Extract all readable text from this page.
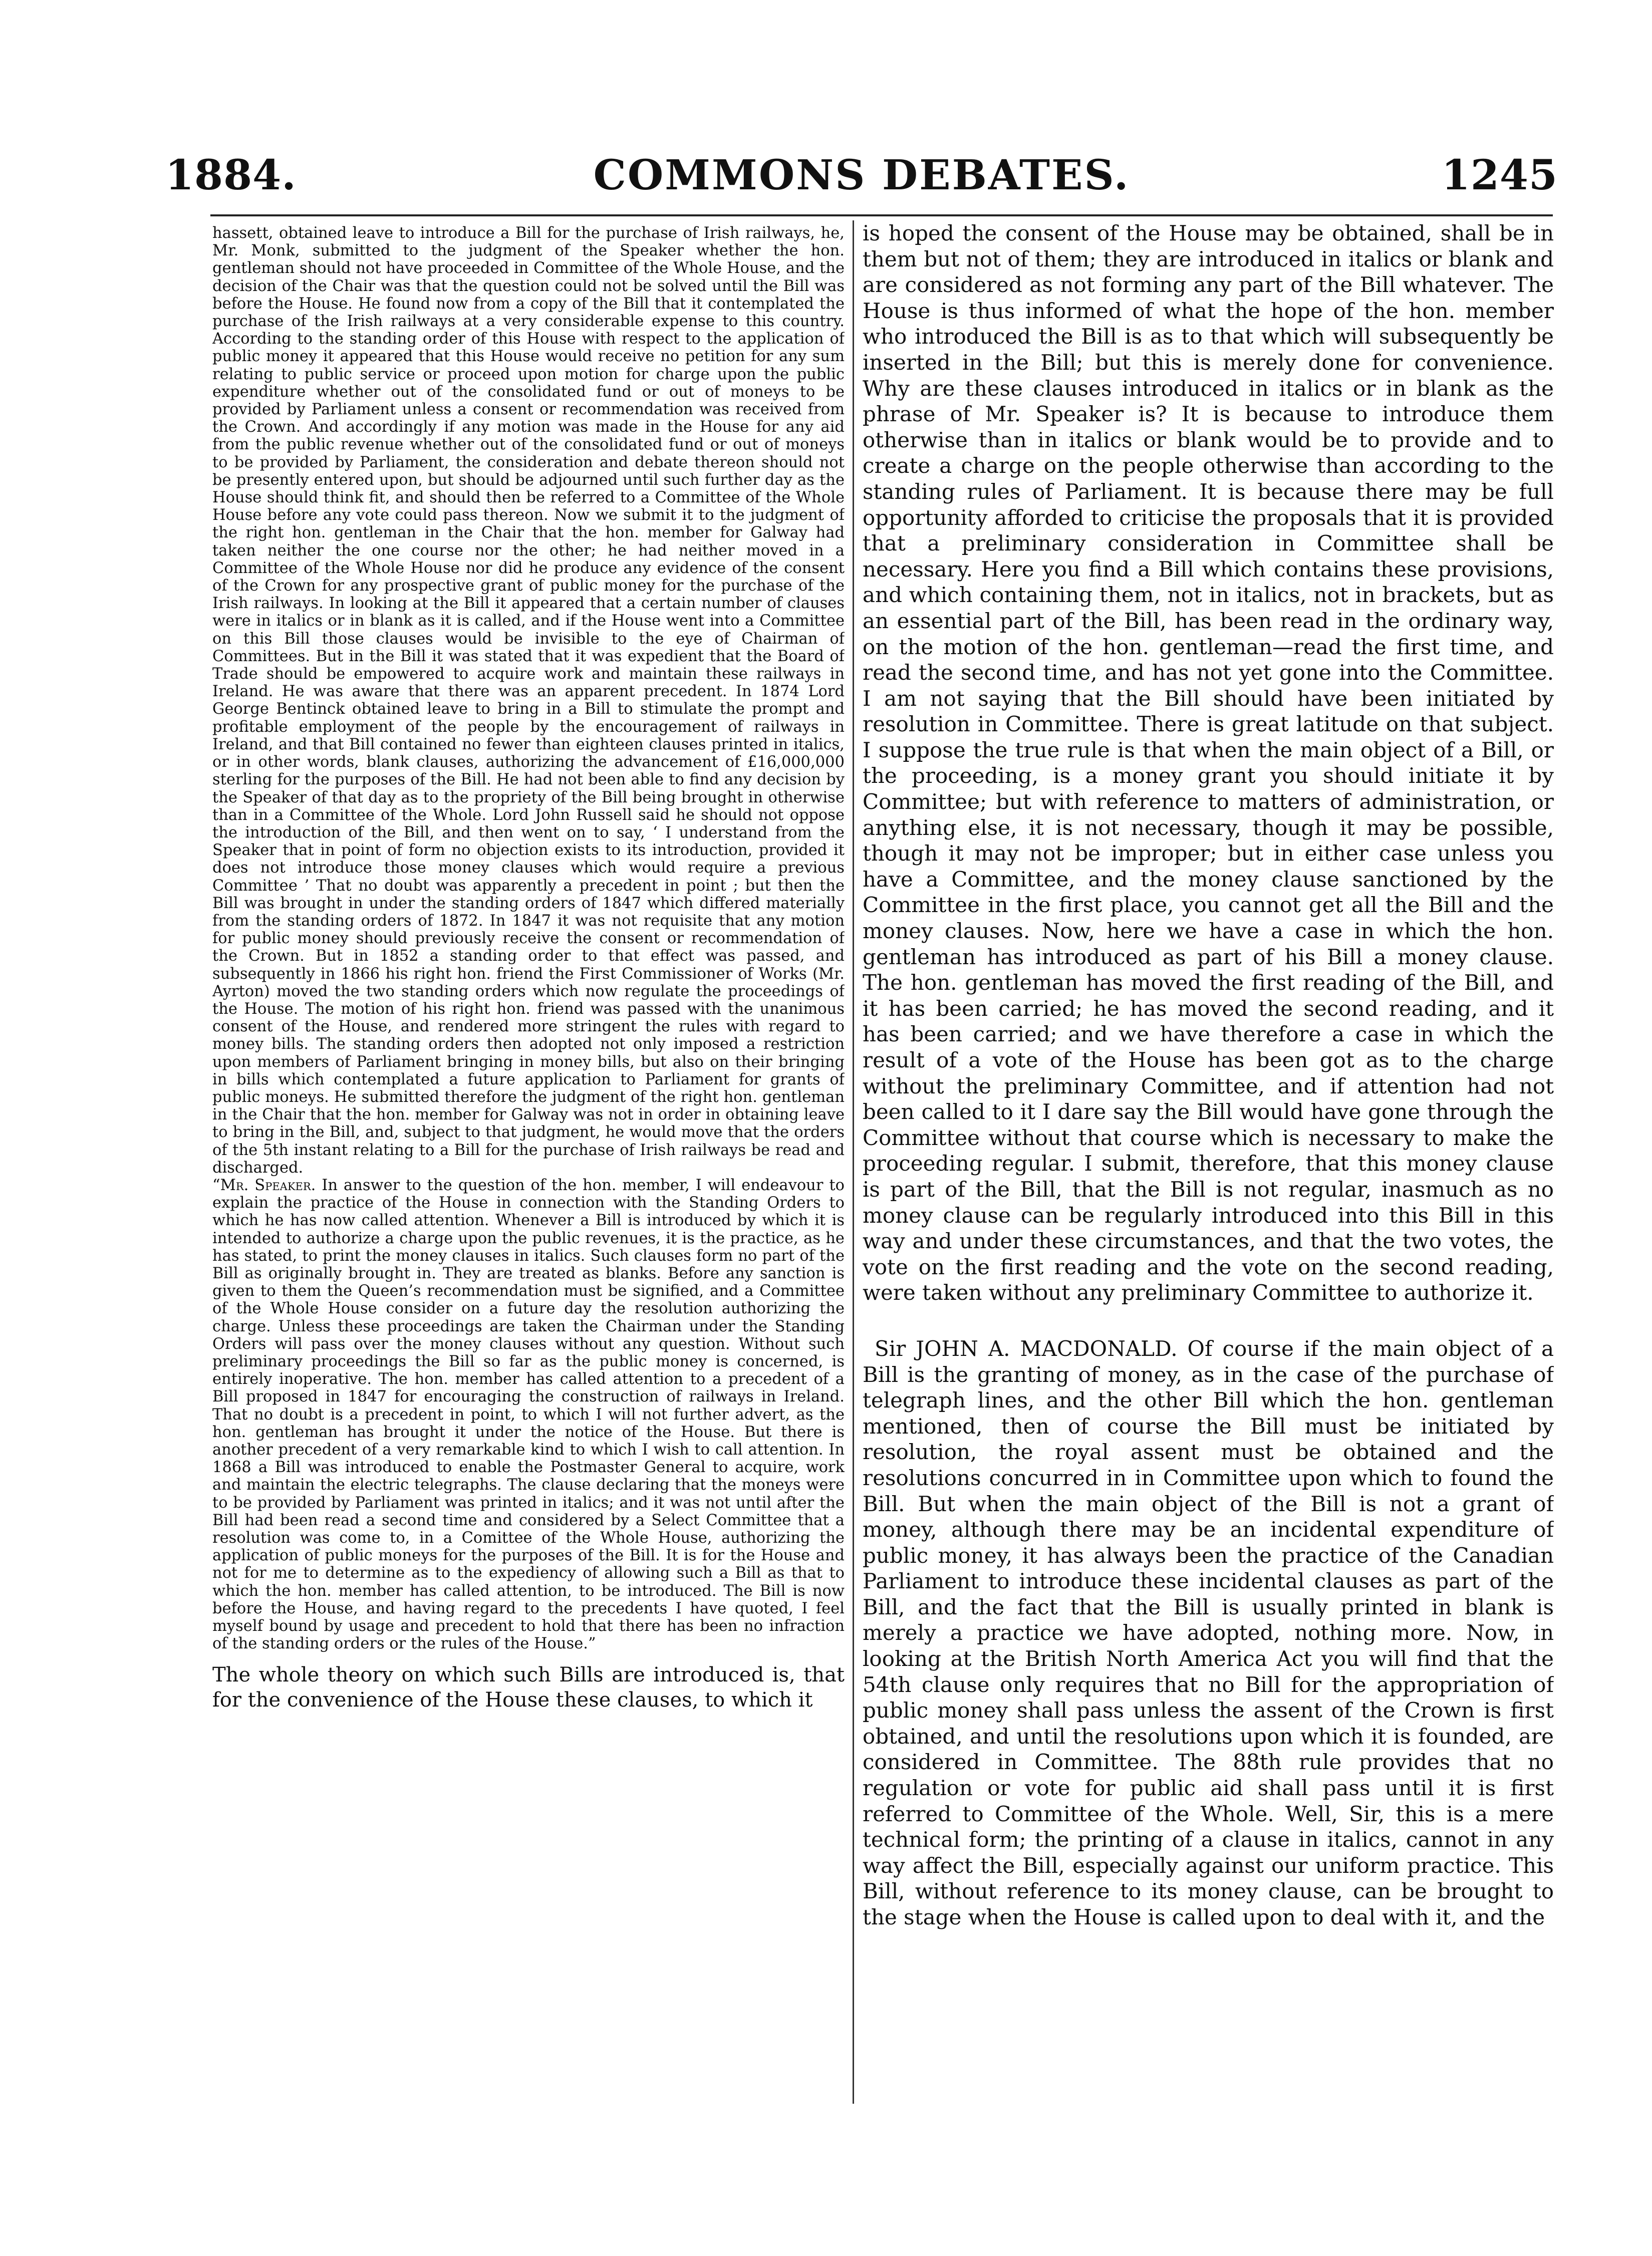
1884.	COMMONS DEBATES.	1245

hassett, obtained leave to introduce a Bill for the purchase of Irish railways, he, Mr. Monk, submitted to the judgment of the Speaker whether the hon. gentleman should not have proceeded in Committee of the Whole House, and the decision of the Chair was that the question could not be solved until the Bill was before the House. He found now from a copy of the Bill that it contemplated the purchase of the Irish railways at a very considerable expense to this country. According to the standing order of this House with respect to the application of public money it appeared that this House would receive no petition for any sum relating to public service or proceed upon motion for charge upon the public expenditure whether out of the consolidated fund or out of moneys to be provided by Parliament unless a consent or recommendation was received from the Crown. And accordingly if any motion was made in the House for any aid from the public revenue whether out of the consolidated fund or out of moneys to be provided by Parliament, the consideration and debate thereon should not be presently entered upon, but should be adjourned until such further day as the House should think fit, and should then be referred to a Committee of the Whole House before any vote could pass thereon. Now we submit it to the judgment of the right hon. gentleman in the Chair that the hon. member for Galway had taken neither the one course nor the other; he had neither moved in a Committee of the Whole House nor did he produce any evidence of the consent of the Crown for any prospective grant of public money for the purchase of the Irish railways. In looking at the Bill it appeared that a certain number of clauses were in italics or in blank as it is called, and if the House went into a Committee on this Bill those clauses would be invisible to the eye of Chairman of Committees. But in the Bill it was stated that it was expedient that the Board of Trade should be empowered to acquire work and maintain these railways in Ireland. He was aware that there was an apparent precedent. In 1874 Lord George Bentinck obtained leave to bring in a Bill to stimulate the prompt and profitable employment of the people by the encouragement of railways in Ireland, and that Bill contained no fewer than eighteen clauses printed in italics, or in other words, blank clauses, authorizing the advancement of £16,000,000 sterling for the purposes of the Bill. He had not been able to find any decision by the Speaker of that day as to the propriety of the Bill being brought in otherwise than in a Committee of the Whole. Lord John Russell said he should not oppose the introduction of the Bill, and then went on to say, ‘ I understand from the Speaker that in point of form no objection exists to its introduction, provided it does not introduce those money clauses which would require a previous Committee ’ That no doubt was apparently a precedent in point ; but then the Bill was brought in under the standing orders of 1847 which differed materially from the standing orders of 1872. In 1847 it was not requisite that any motion for public money should previously receive the consent or recommendation of the Crown. But in 1852 a standing order to that effect was passed, and subsequently in 1866 his right hon. friend the First Commissioner of Works (Mr. Ayrton) moved the two standing orders which now regulate the proceedings of the House. The motion of his right hon. friend was passed with the unanimous consent of the House, and rendered more stringent the rules with regard to money bills. The standing orders then adopted not only imposed a restriction upon members of Parliament bringing in money bills, but also on their bringing in bills which contemplated a future application to Parliament for grants of public moneys. He submitted therefore the judgment of the right hon. gentleman in the Chair that the hon. member for Galway was not in order in obtaining leave to bring in the Bill, and, subject to that judgment, he would move that the orders of the 5th instant relating to a Bill for the purchase of Irish railways be read and discharged.

“Mr. Speaker. In answer to the question of the hon. member, I will endeavour to explain the practice of the House in connection with the Standing Orders to which he has now called attention. Whenever a Bill is introduced by which it is intended to authorize a charge upon the public revenues, it is the practice, as he has stated, to print the money clauses in italics. Such clauses form no part of the Bill as originally brought in. They are treated as blanks. Before any sanction is given to them the Queen’s recommendation must be signified, and a Committee of the Whole House consider on a future day the resolution authorizing the charge. Unless these proceedings are taken the Chairman under the Standing Orders will pass over the money clauses without any question. Without such preliminary proceedings the Bill so far as the public money is concerned, is entirely inoperative. The hon. member has called attention to a precedent of a Bill proposed in 1847 for encouraging the construction of railways in Ireland. That no doubt is a precedent in point, to which I will not further advert, as the hon. gentleman has brought it under the notice of the House. But there is another precedent of a very remarkable kind to which I wish to call attention. In 1868 a Bill was introduced to enable the Postmaster General to acquire, work and maintain the electric telegraphs. The clause declaring that the moneys were to be provided by Parliament was printed in italics; and it was not until after the Bill had been read a second time and considered by a Select Committee that a resolution was come to, in a Comittee of the Whole House, authorizing the application of public moneys for the purposes of the Bill. It is for the House and not for me to determine as to the expediency of allowing such a Bill as that to which the hon. member has called attention, to be introduced. The Bill is now before the House, and having regard to the precedents I have quoted, I feel myself bound by usage and precedent to hold that there has been no infraction of the standing orders or the rules of the House.”

The whole theory on which such Bills are introduced is, that for the convenience of the House these clauses, to which it

is hoped the consent of the House may be obtained, shall be in them but not of them; they are introduced in italics or blank and are considered as not forming any part of the Bill whatever. The House is thus informed of what the hope of the hon. member who introduced the Bill is as to that which will subsequently be inserted in the Bill; but this is merely done for convenience. Why are these clauses introduced in italics or in blank as the phrase of Mr. Speaker is? It is because to introduce them otherwise than in italics or blank would be to provide and to create a charge on the people otherwise than according to the standing rules of Parliament. It is because there may be full opportunity afforded to criticise the proposals that it is provided that a preliminary consideration in Committee shall be necessary. Here you find a Bill which contains these provisions, and which containing them, not in italics, not in brackets, but as an essential part of the Bill, has been read in the ordinary way, on the motion of the hon. gentleman—read the first time, and read the second time, and has not yet gone into the Committee. I am not saying that the Bill should have been initiated by resolution in Committee. There is great latitude on that subject. I suppose the true rule is that when the main object of a Bill, or the proceeding, is a money grant you should initiate it by Committee; but with reference to matters of administration, or anything else, it is not necessary, though it may be possible, though it may not be improper; but in either case unless you have a Committee, and the money clause sanctioned by the Committee in the first place, you cannot get all the Bill and the money clauses. Now, here we have a case in which the hon. gentleman has introduced as part of his Bill a money clause. The hon. gentleman has moved the first reading of the Bill, and it has been carried; he has moved the second reading, and it has been carried; and we have therefore a case in which the result of a vote of the House has been got as to the charge without the preliminary Committee, and if attention had not been called to it I dare say the Bill would have gone through the Committee without that course which is necessary to make the proceeding regular. I submit, therefore, that this money clause is part of the Bill, that the Bill is not regular, inasmuch as no money clause can be regularly introduced into this Bill in this way and under these circumstances, and that the two votes, the vote on the first reading and the vote on the second reading, were taken without any preliminary Committee to authorize it.

Sir JOHN A. MACDONALD. Of course if the main object of a Bill is the granting of money, as in the case of the purchase of telegraph lines, and the other Bill which the hon. gentleman mentioned, then of course the Bill must be initiated by resolution, the royal assent must be obtained and the resolutions concurred in in Committee upon which to found the Bill. But when the main object of the Bill is not a grant of money, although there may be an incidental expenditure of public money, it has always been the practice of the Canadian Parliament to introduce these incidental clauses as part of the Bill, and the fact that the Bill is usually printed in blank is merely a practice we have adopted, nothing more. Now, in looking at the British North America Act you will find that the 54th clause only requires that no Bill for the appropriation of public money shall pass unless the assent of the Crown is first obtained, and until the resolutions upon which it is founded, are considered in Committee. The 88th rule provides that no regulation or vote for public aid shall pass until it is first referred to Committee of the Whole. Well, Sir, this is a mere technical form; the printing of a clause in italics, cannot in any way affect the Bill, especially against our uniform practice. This Bill, without reference to its money clause, can be brought to the stage when the House is called upon to deal with it, and the
